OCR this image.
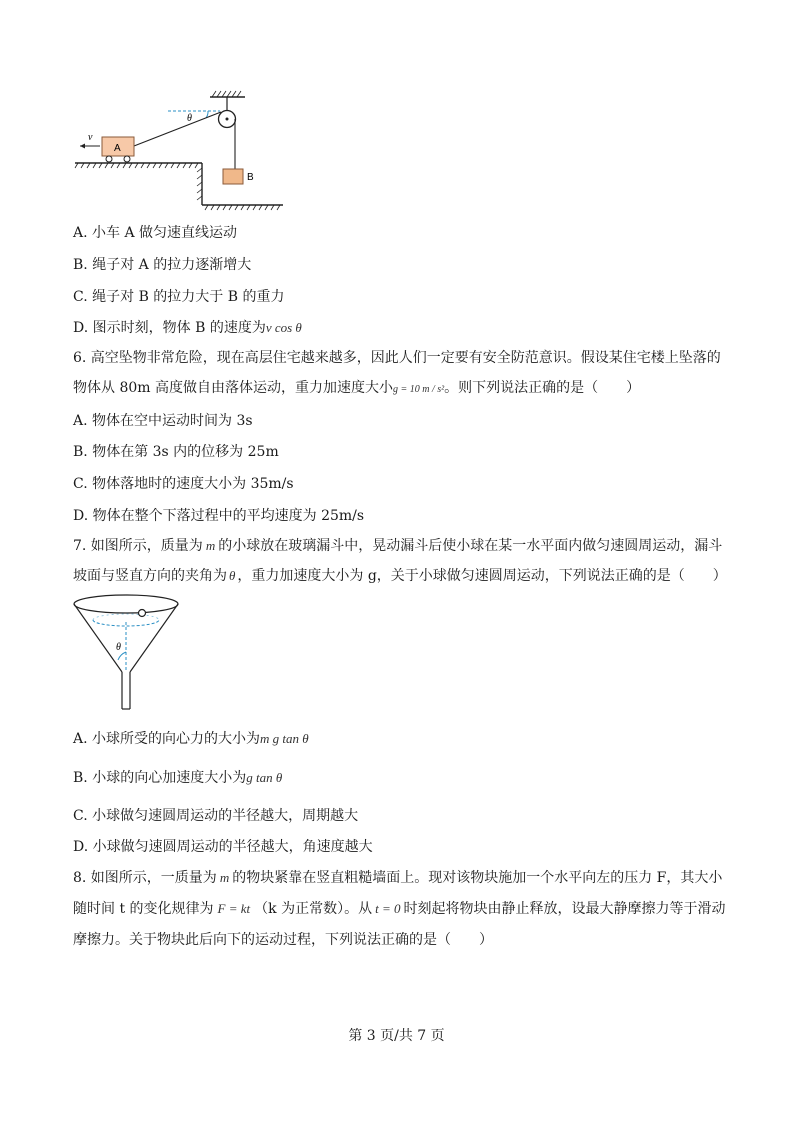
v
A
θ
B
A. 小车 A 做匀速直线运动
B. 绳子对 A 的拉力逐渐增大
C. 绳子对 B 的拉力大于 B 的重力
D. 图示时刻，物体 B 的速度为v cos θ
6. 高空坠物非常危险，现在高层住宅越来越多，因此人们一定要有安全防范意识。假设某住宅楼上坠落的
物体从 80m 高度做自由落体运动，重力加速度大小g = 10 m / s²。则下列说法正确的是（　　）
A. 物体在空中运动时间为 3s
B. 物体在第 3s 内的位移为 25m
C. 物体落地时的速度大小为 35m/s
D. 物体在整个下落过程中的平均速度为 25m/s
7. 如图所示，质量为 m 的小球放在玻璃漏斗中，晃动漏斗后使小球在某一水平面内做匀速圆周运动，漏斗
坡面与竖直方向的夹角为 θ ，重力加速度大小为 g，关于小球做匀速圆周运动，下列说法正确的是（　　）
θ
A. 小球所受的向心力的大小为m g tan θ
B. 小球的向心加速度大小为g tan θ
C. 小球做匀速圆周运动的半径越大，周期越大
D. 小球做匀速圆周运动的半径越大，角速度越大
8. 如图所示，一质量为 m 的物块紧靠在竖直粗糙墙面上。现对该物块施加一个水平向左的压力 F，其大小
随时间 t 的变化规律为 F = kt （k 为正常数）。从 t = 0 时刻起将物块由静止释放，设最大静摩擦力等于滑动
摩擦力。关于物块此后向下的运动过程，下列说法正确的是（　　）
第 3 页/共 7 页
